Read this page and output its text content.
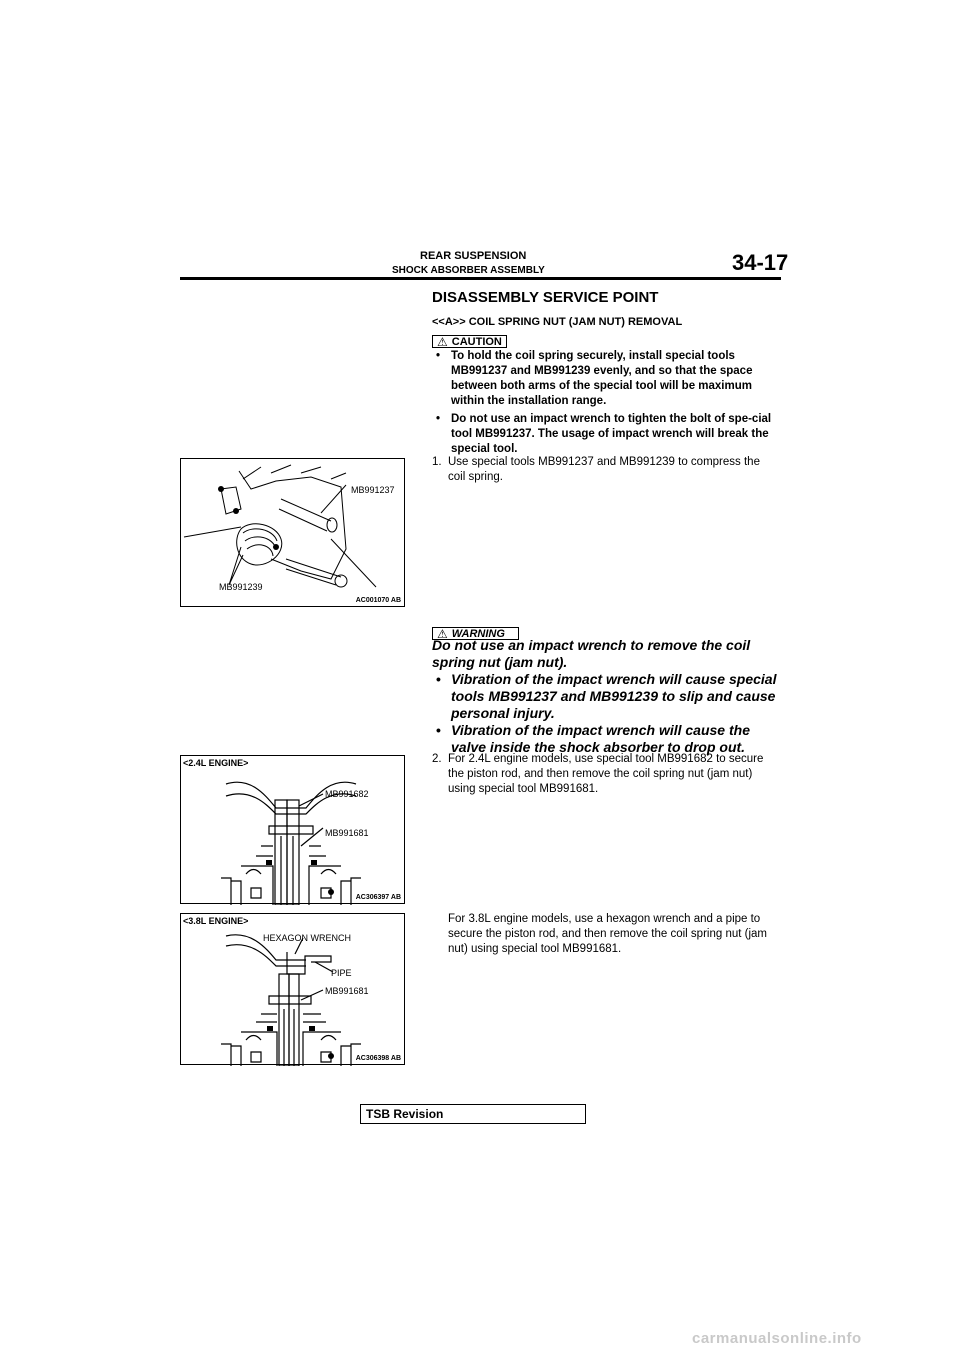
REAR SUSPENSION
SHOCK ABSORBER ASSEMBLY	34-17
DISASSEMBLY SERVICE POINT
<<A>> COIL SPRING NUT (JAM NUT) REMOVAL
⚠ CAUTION
• To hold the coil spring securely, install special tools MB991237 and MB991239 evenly, and so that the space between both arms of the special tool will be maximum within the installation range.
• Do not use an impact wrench to tighten the bolt of spe-cial tool MB991237. The usage of impact wrench will break the special tool.
1. Use special tools MB991237 and MB991239 to compress the coil spring.
MB991237
MB991239
AC001070 AB
⚠ WARNING
Do not use an impact wrench to remove the coil spring nut (jam nut).
• Vibration of the impact wrench will cause special tools MB991237 and MB991239 to slip and cause personal injury.
• Vibration of the impact wrench will cause the valve inside the shock absorber to drop out.
2. For 2.4L engine models, use special tool MB991682 to secure the piston rod, and then remove the coil spring nut (jam nut) using special tool MB991681.
<2.4L ENGINE>
MB991682
MB991681
AC306397 AB
For 3.8L engine models, use a hexagon wrench and a pipe to secure the piston rod, and then remove the coil spring nut (jam nut) using special tool MB991681.
<3.8L ENGINE>
HEXAGON WRENCH
PIPE
MB991681
AC306398 AB
TSB Revision
carmanualsonline.info
